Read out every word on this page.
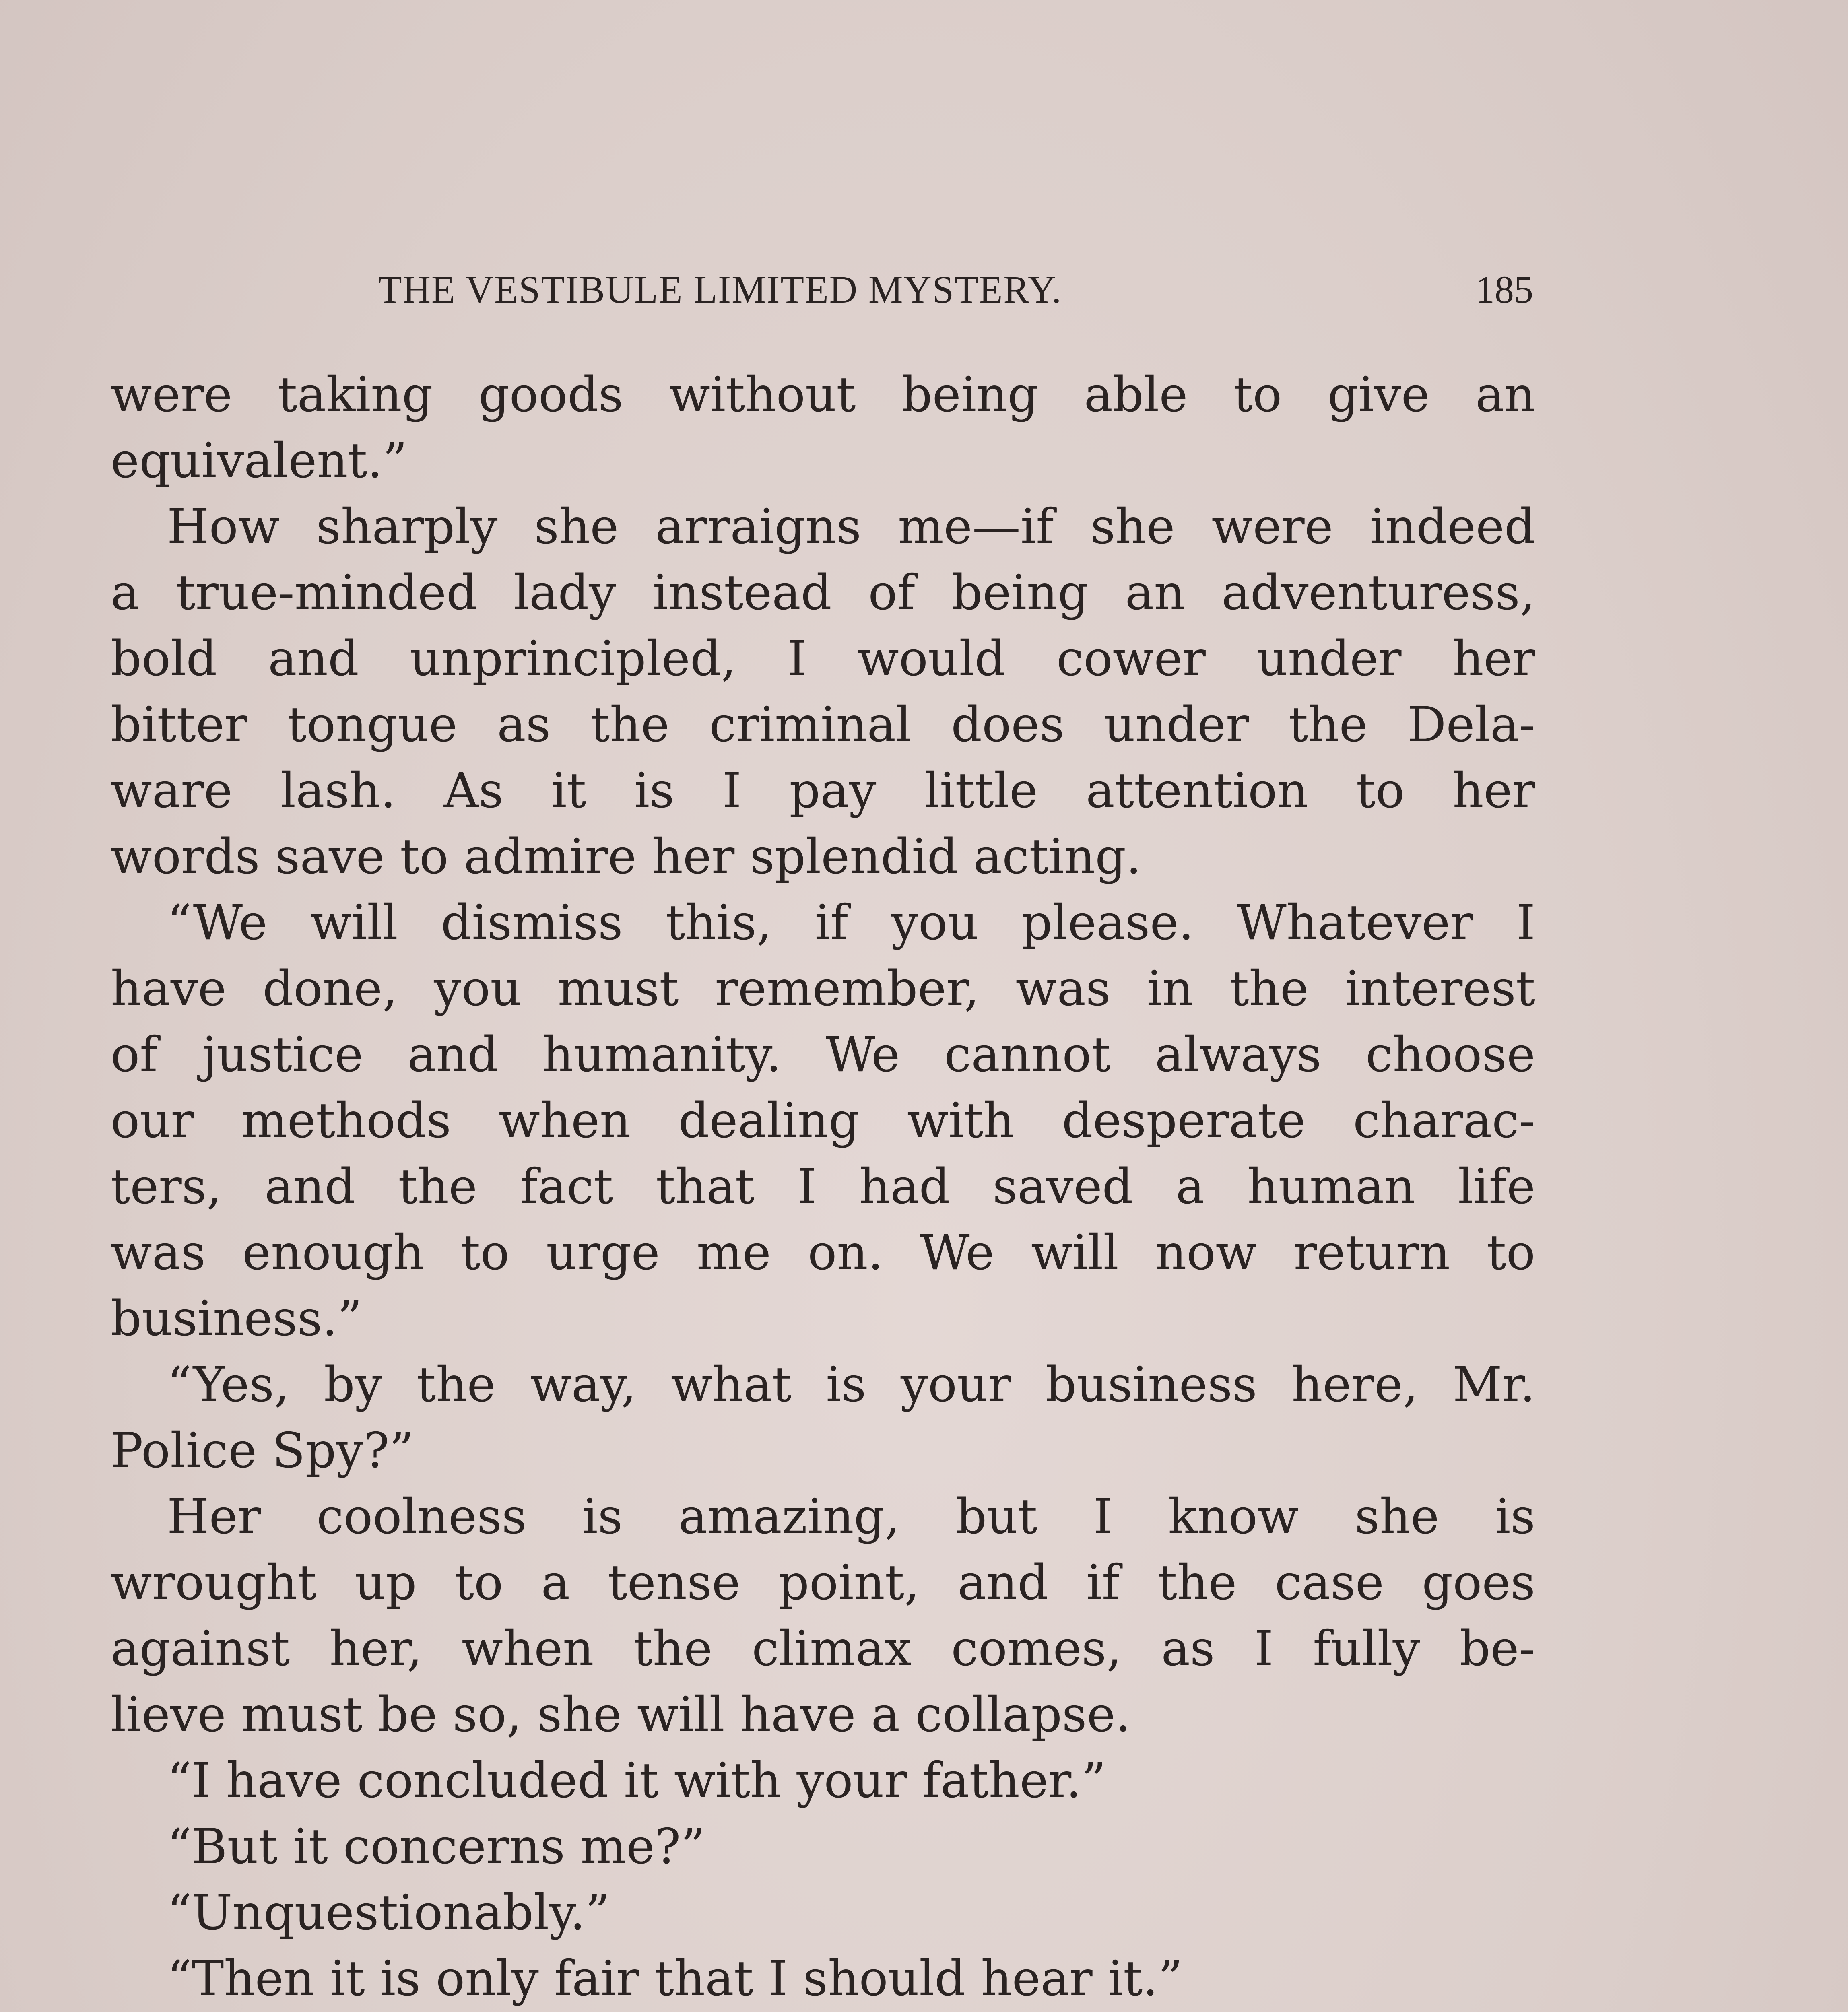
THE VESTIBULE LIMITED MYSTERY.	185
were taking goods without being able to give an
equivalent.”
How sharply she arraigns me—if she were indeed
a true-minded lady instead of being an adventuress,
bold and unprincipled, I would cower under her
bitter tongue as the criminal does under the Dela-
ware lash. As it is I pay little attention to her
words save to admire her splendid acting.
“We will dismiss this, if you please. Whatever I
have done, you must remember, was in the interest
of justice and humanity. We cannot always choose
our methods when dealing with desperate charac-
ters, and the fact that I had saved a human life
was enough to urge me on. We will now return to
business.”
“Yes, by the way, what is your business here, Mr.
Police Spy?”
Her coolness is amazing, but I know she is
wrought up to a tense point, and if the case goes
against her, when the climax comes, as I fully be-
lieve must be so, she will have a collapse.
“I have concluded it with your father.”
“But it concerns me?”
“Unquestionably.”
“Then it is only fair that I should hear it.”
